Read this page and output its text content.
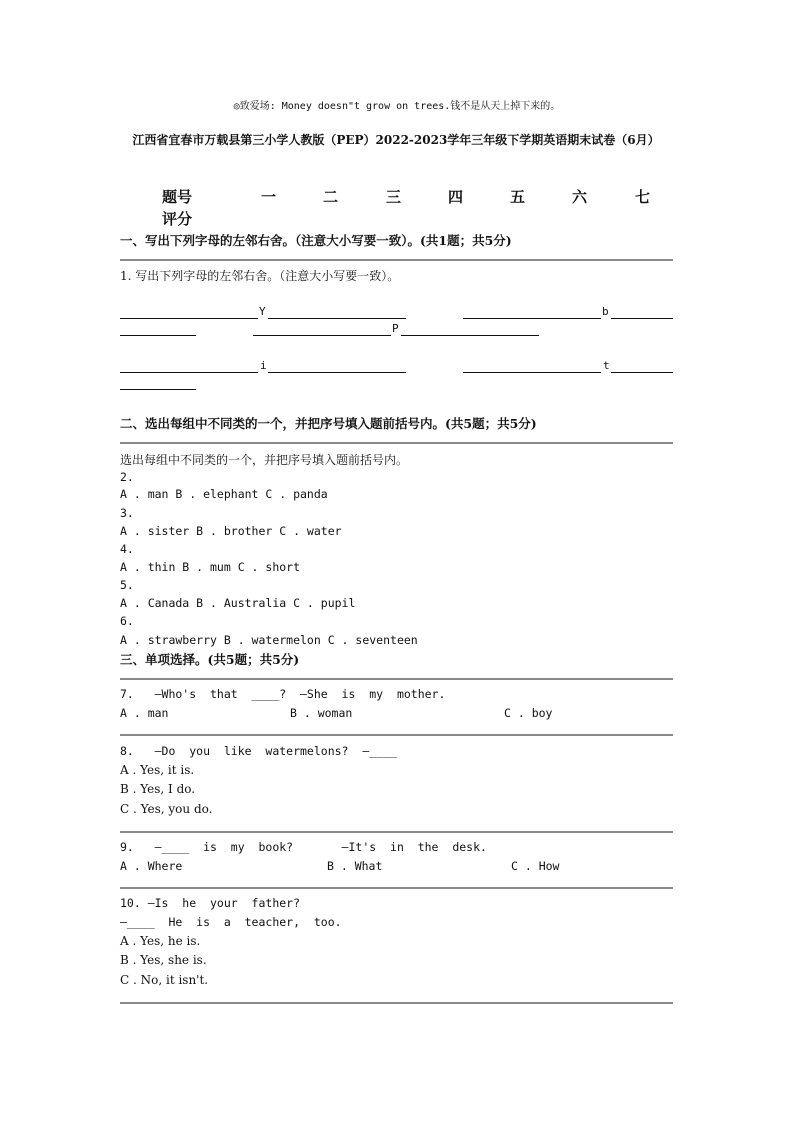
◎致爱场: Money doesn"t grow on trees.钱不是从天上掉下来的。
江西省宜春市万载县第三小学人教版（PEP）2022-2023学年三年级下学期英语期末试卷（6月）
题号	一	二	三	四	五	六	七
评分
一、写出下列字母的左邻右舍。（注意大小写要一致）。(共1题；共5分)
1. 写出下列字母的左邻右舍。（注意大小写要一致）。
Y	b
P
i	t
二、选出每组中不同类的一个，并把序号填入题前括号内。(共5题；共5分)
选出每组中不同类的一个，并把序号填入题前括号内。
2.
A . man B . elephant C . panda
3.
A . sister B . brother C . water
4.
A . thin B . mum C . short
5.
A . Canada B . Australia C . pupil
6.
A . strawberry B . watermelon C . seventeen
三、单项选择。(共5题；共5分)
7.   —Who's  that  ____?  —She  is  my  mother.
A . man	B . woman	C . boy
8.   —Do  you  like  watermelons?  —____
A . Yes, it is.
B . Yes, I do.
C . Yes, you do.
9.   —____  is  my  book?       —It's  in  the  desk.
A . Where	B . What	C . How
10. —Is  he  your  father?
—____  He  is  a  teacher,  too.
A . Yes, he is.
B . Yes, she is.
C . No, it isn't.
